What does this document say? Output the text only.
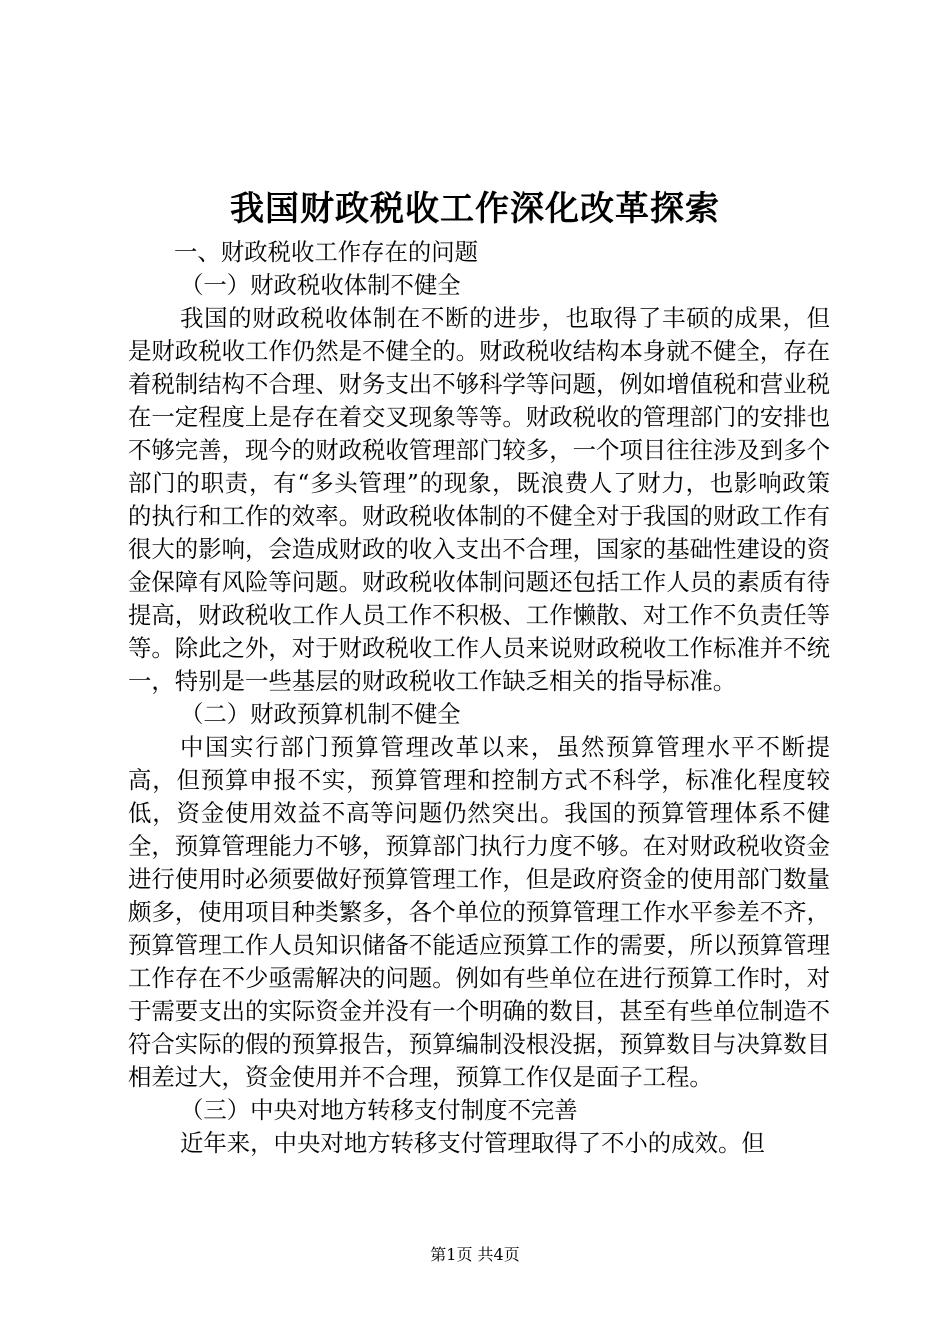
我国财政税收工作深化改革探索

一、财政税收工作存在的问题

（一）财政税收体制不健全

我国的财政税收体制在不断的进步，也取得了丰硕的成果，但是财政税收工作仍然是不健全的。财政税收结构本身就不健全，存在着税制结构不合理、财务支出不够科学等问题，例如增值税和营业税在一定程度上是存在着交叉现象等等。财政税收的管理部门的安排也不够完善，现今的财政税收管理部门较多，一个项目往往涉及到多个部门的职责，有“多头管理”的现象，既浪费人了财力，也影响政策的执行和工作的效率。财政税收体制的不健全对于我国的财政工作有很大的影响，会造成财政的收入支出不合理，国家的基础性建设的资金保障有风险等问题。财政税收体制问题还包括工作人员的素质有待提高，财政税收工作人员工作不积极、工作懒散、对工作不负责任等等。除此之外，对于财政税收工作人员来说财政税收工作标准并不统一，特别是一些基层的财政税收工作缺乏相关的指导标准。

（二）财政预算机制不健全

中国实行部门预算管理改革以来，虽然预算管理水平不断提高，但预算申报不实，预算管理和控制方式不科学，标准化程度较低，资金使用效益不高等问题仍然突出。我国的预算管理体系不健全，预算管理能力不够，预算部门执行力度不够。在对财政税收资金进行使用时必须要做好预算管理工作，但是政府资金的使用部门数量颇多，使用项目种类繁多，各个单位的预算管理工作水平参差不齐，预算管理工作人员知识储备不能适应预算工作的需要，所以预算管理工作存在不少亟需解决的问题。例如有些单位在进行预算工作时，对于需要支出的实际资金并没有一个明确的数目，甚至有些单位制造不符合实际的假的预算报告，预算编制没根没据，预算数目与决算数目相差过大，资金使用并不合理，预算工作仅是面子工程。

（三）中央对地方转移支付制度不完善

近年来，中央对地方转移支付管理取得了不小的成效。但

第1页 共4页
